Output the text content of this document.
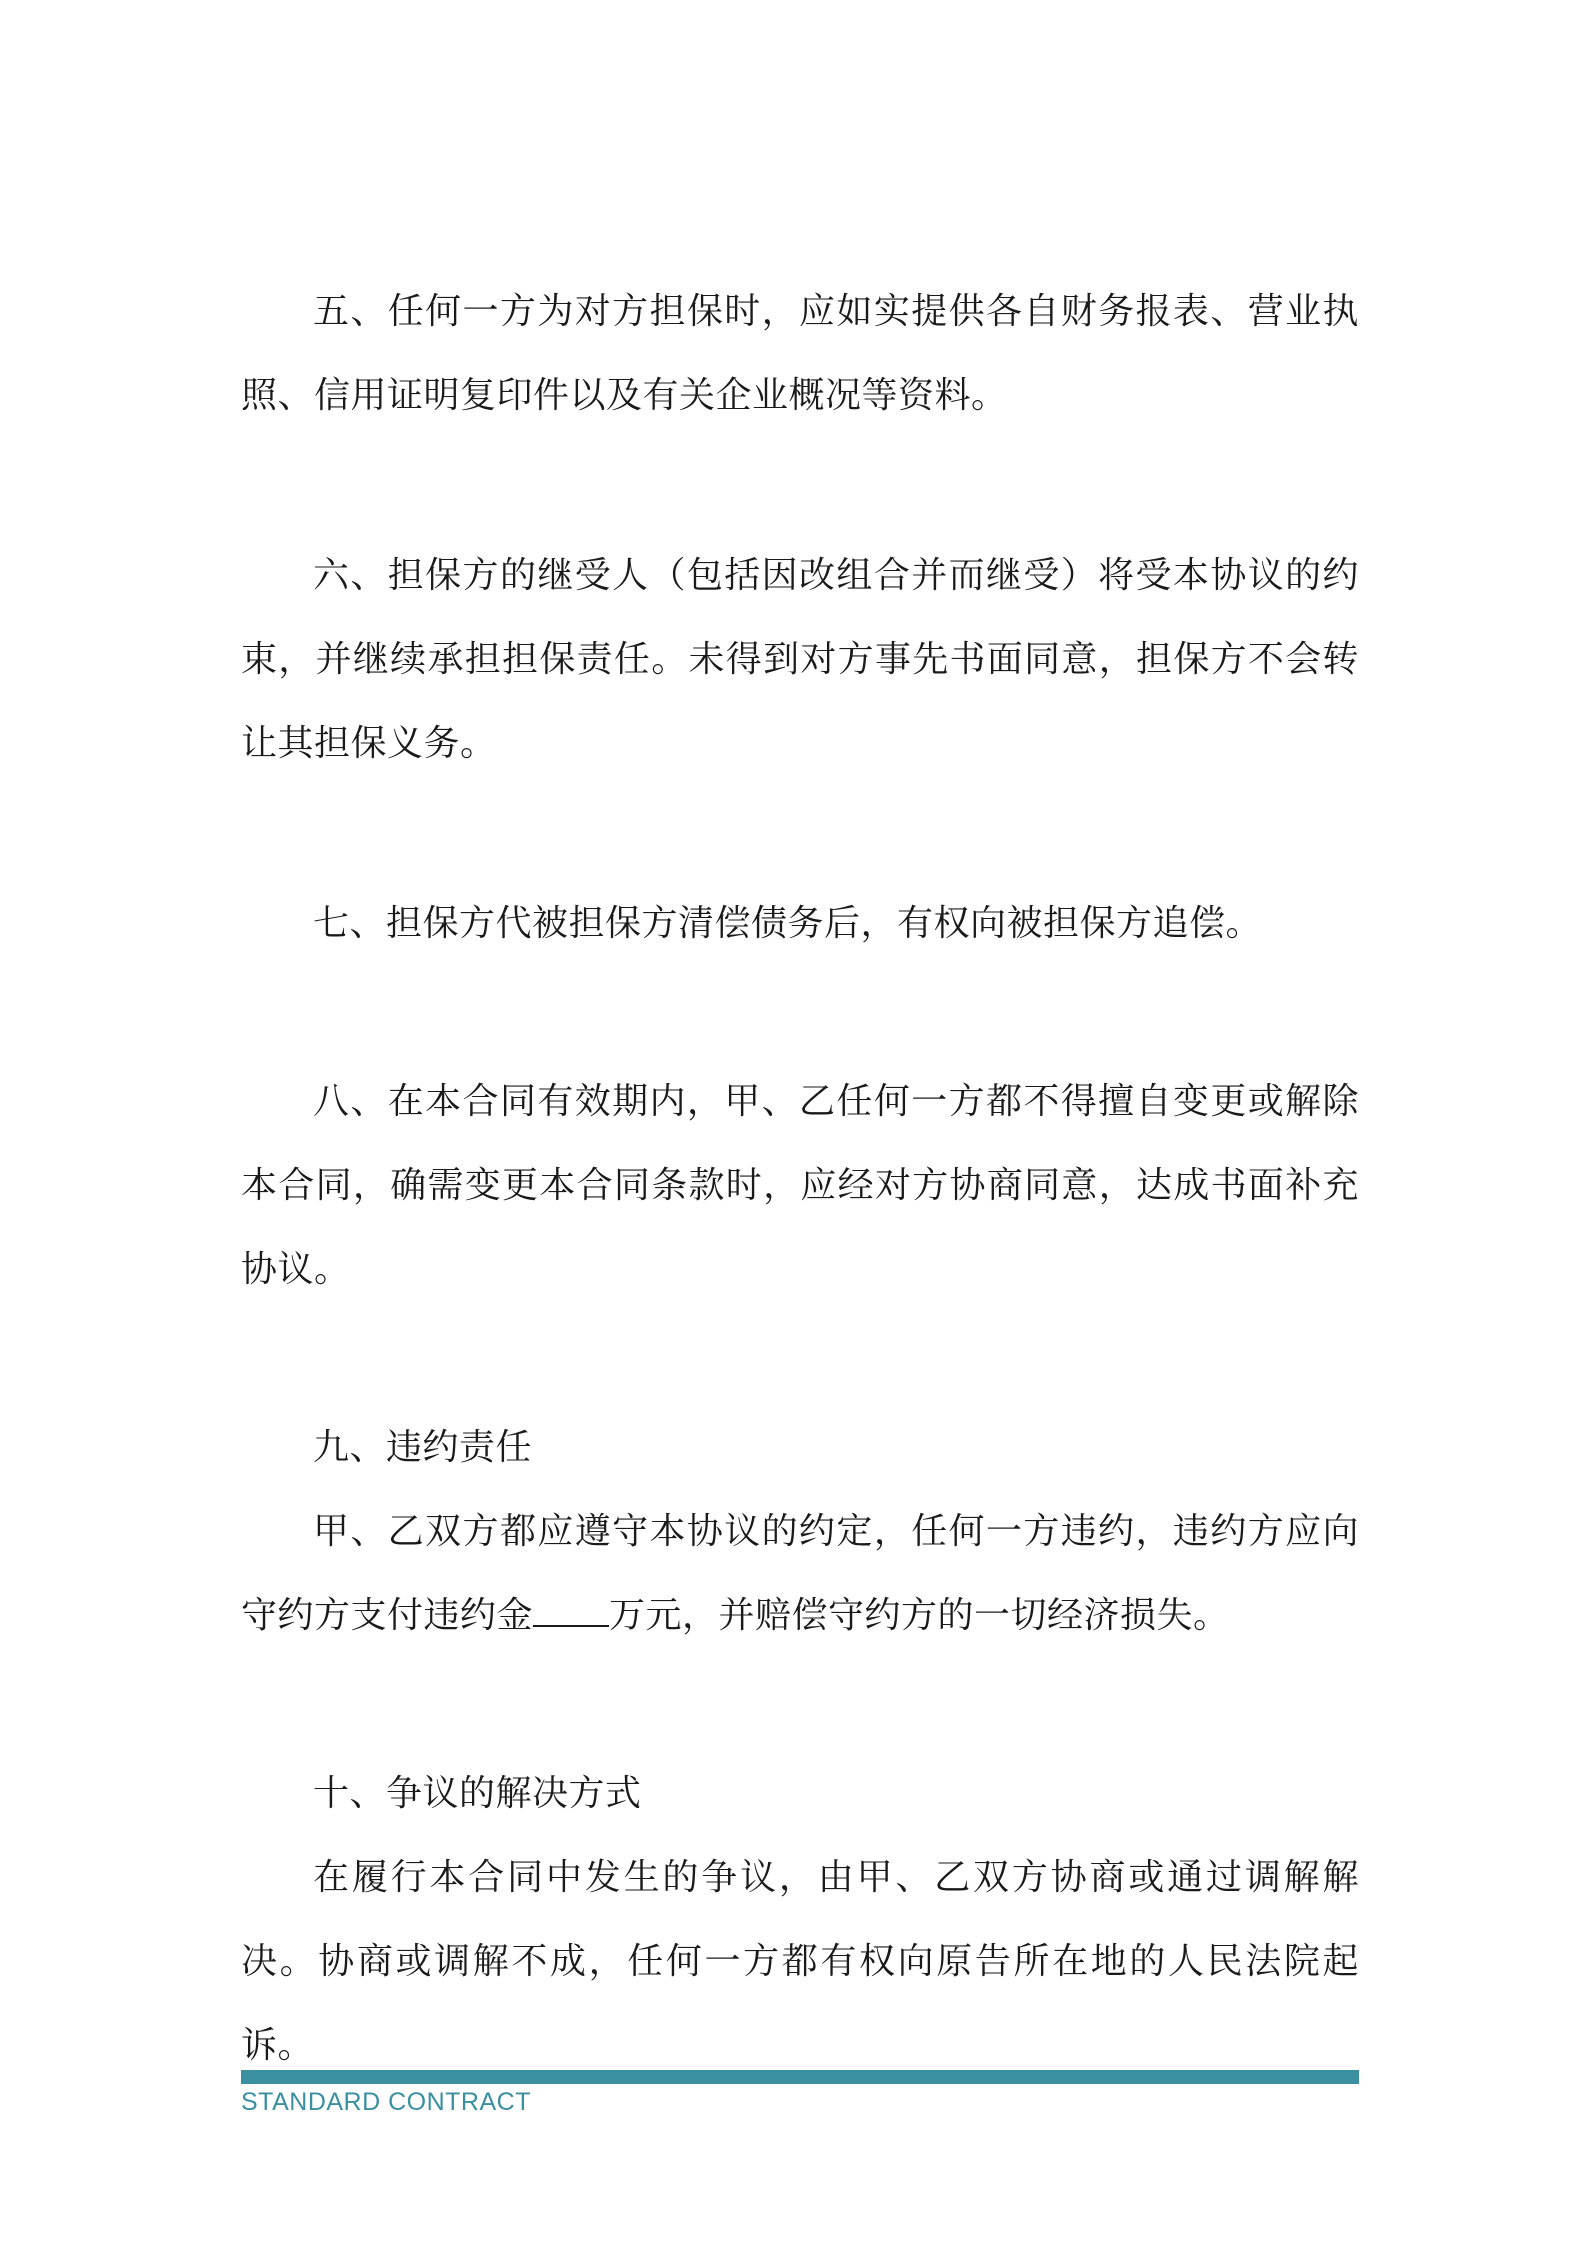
五、任何一方为对方担保时，应如实提供各自财务报表、营业执照、信用证明复印件以及有关企业概况等资料。

六、担保方的继受人（包括因改组合并而继受）将受本协议的约束，并继续承担担保责任。未得到对方事先书面同意，担保方不会转让其担保义务。

七、担保方代被担保方清偿债务后，有权向被担保方追偿。

八、在本合同有效期内，甲、乙任何一方都不得擅自变更或解除本合同，确需变更本合同条款时，应经对方协商同意，达成书面补充协议。

九、违约责任

甲、乙双方都应遵守本协议的约定，任何一方违约，违约方应向守约方支付违约金 万元，并赔偿守约方的一切经济损失。

十、争议的解决方式

在履行本合同中发生的争议，由甲、乙双方协商或通过调解解决。协商或调解不成，任何一方都有权向原告所在地的人民法院起诉。

STANDARD CONTRACT
